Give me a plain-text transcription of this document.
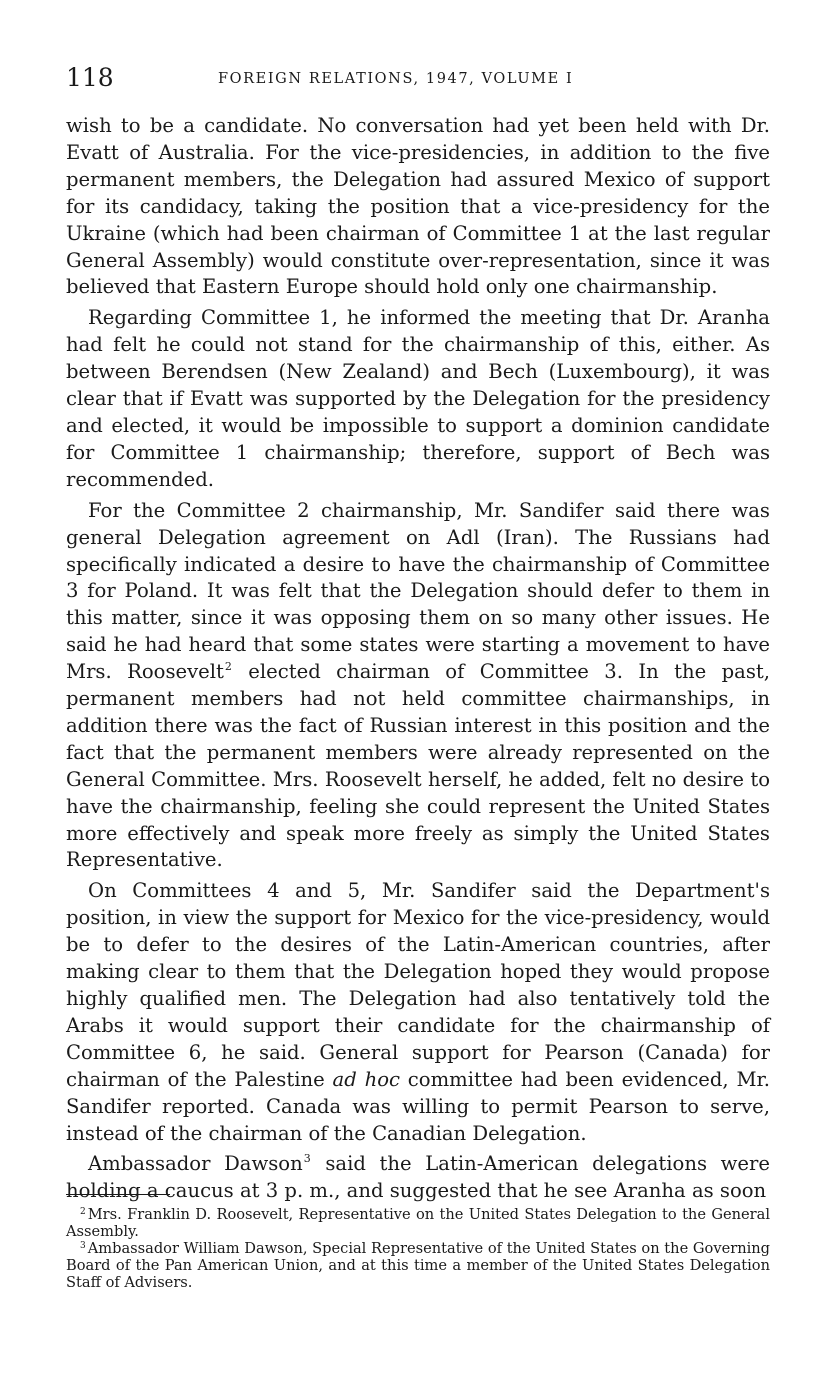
118	FOREIGN RELATIONS, 1947, VOLUME I

wish to be a candidate. No conversation had yet been held with Dr. Evatt of Australia. For the vice-presidencies, in addition to the five permanent members, the Delegation had assured Mexico of support for its candidacy, taking the position that a vice-presidency for the Ukraine (which had been chairman of Committee 1 at the last regular General Assembly) would constitute over-representation, since it was believed that Eastern Europe should hold only one chairmanship.

Regarding Committee 1, he informed the meeting that Dr. Aranha had felt he could not stand for the chairmanship of this, either. As between Berendsen (New Zealand) and Bech (Luxembourg), it was clear that if Evatt was supported by the Delegation for the presidency and elected, it would be impossible to support a dominion candidate for Committee 1 chairmanship; therefore, support of Bech was recommended.

For the Committee 2 chairmanship, Mr. Sandifer said there was general Delegation agreement on Adl (Iran). The Russians had specifically indicated a desire to have the chairmanship of Committee 3 for Poland. It was felt that the Delegation should defer to them in this matter, since it was opposing them on so many other issues. He said he had heard that some states were starting a movement to have Mrs. Roosevelt$^2$ elected chairman of Committee 3. In the past, permanent members had not held committee chairmanships, in addition there was the fact of Russian interest in this position and the fact that the permanent members were already represented on the General Committee. Mrs. Roosevelt herself, he added, felt no desire to have the chairmanship, feeling she could represent the United States more effectively and speak more freely as simply the United States Representative.

On Committees 4 and 5, Mr. Sandifer said the Department's position, in view the support for Mexico for the vice-presidency, would be to defer to the desires of the Latin-American countries, after making clear to them that the Delegation hoped they would propose highly qualified men. The Delegation had also tentatively told the Arabs it would support their candidate for the chairmanship of Committee 6, he said. General support for Pearson (Canada) for chairman of the Palestine ad hoc committee had been evidenced, Mr. Sandifer reported. Canada was willing to permit Pearson to serve, instead of the chairman of the Canadian Delegation.

Ambassador Dawson$^3$ said the Latin-American delegations were holding a caucus at 3 p. m., and suggested that he see Aranha as soon

$^2$ Mrs. Franklin D. Roosevelt, Representative on the United States Delegation to the General Assembly.

$^3$ Ambassador William Dawson, Special Representative of the United States on the Governing Board of the Pan American Union, and at this time a member of the United States Delegation Staff of Advisers.
